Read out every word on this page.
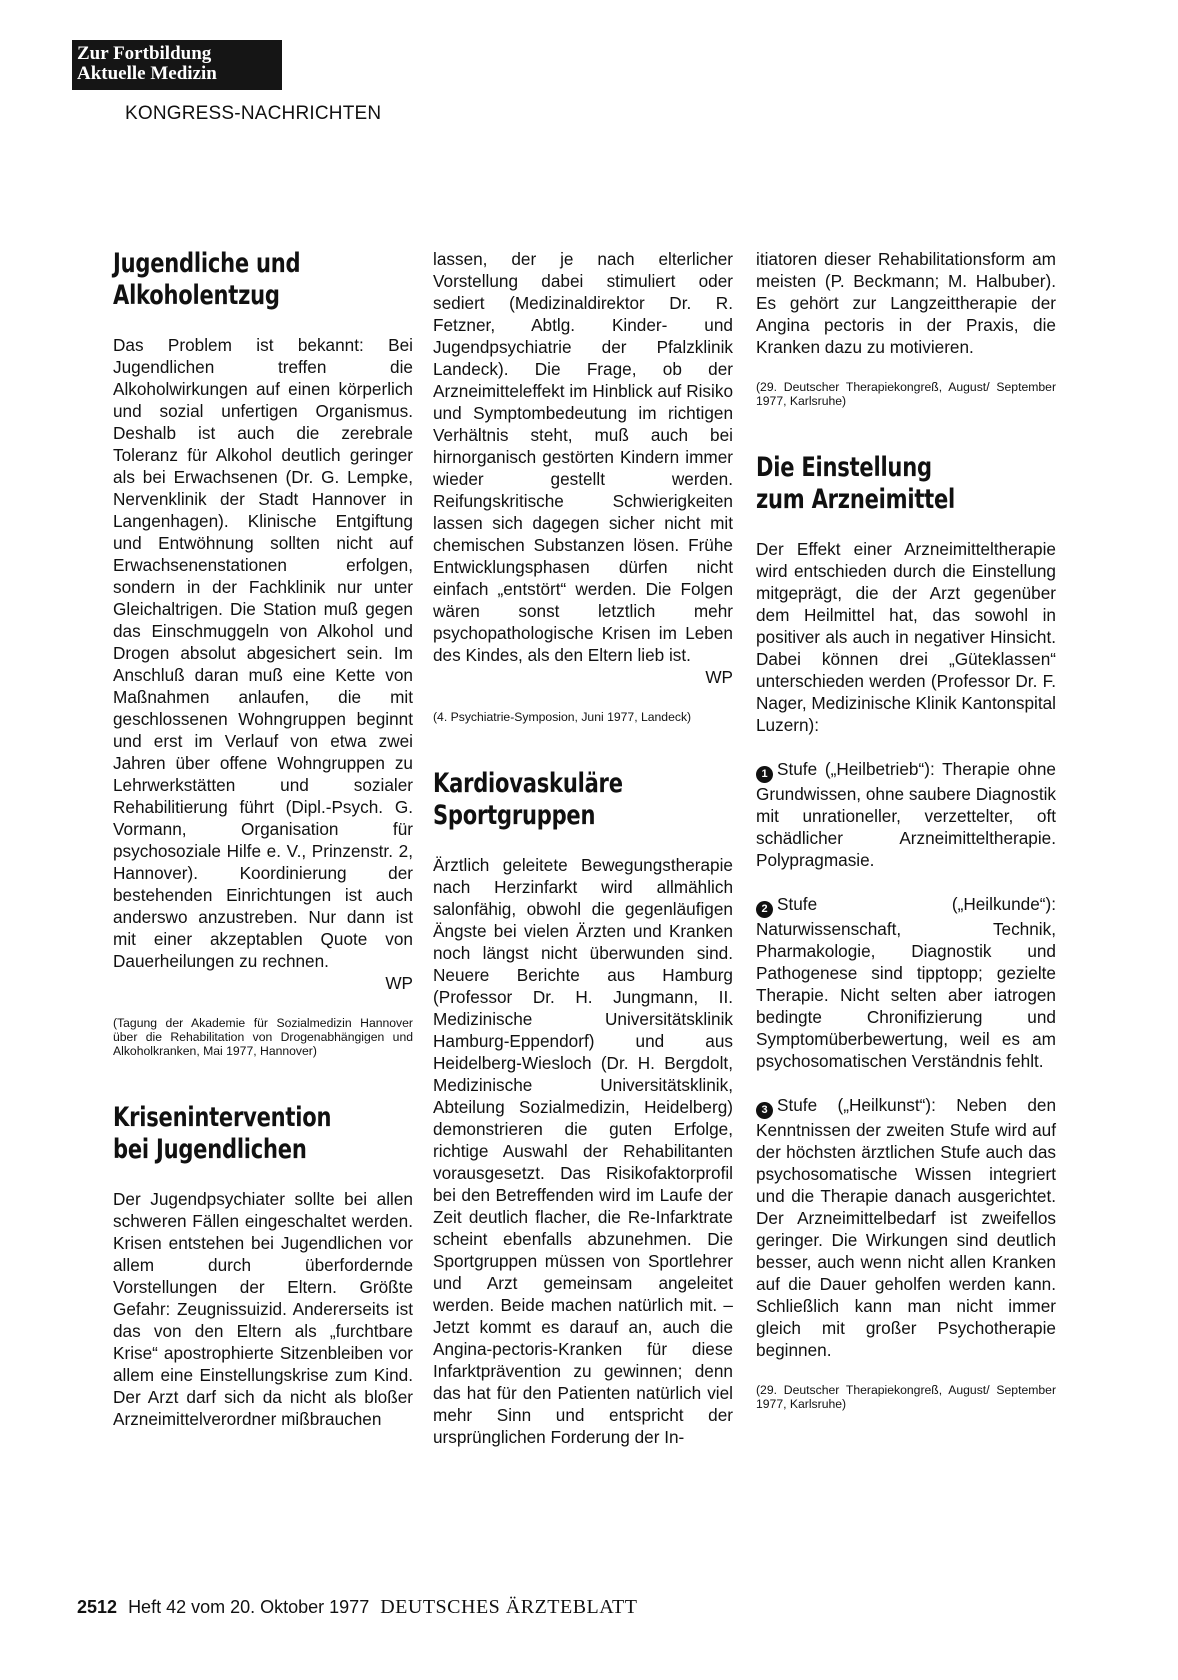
Zur Fortbildung
Aktuelle Medizin
KONGRESS-NACHRICHTEN
Jugendliche und
Alkoholentzug
Das Problem ist bekannt: Bei Jugendlichen treffen die Alkoholwirkungen auf einen körperlich und sozial unfertigen Organismus. Deshalb ist auch die zerebrale Toleranz für Alkohol deutlich geringer als bei Erwachsenen (Dr. G. Lempke, Nervenklinik der Stadt Hannover in Langenhagen). Klinische Entgiftung und Entwöhnung sollten nicht auf Erwachsenenstationen erfolgen, sondern in der Fachklinik nur unter Gleichaltrigen. Die Station muß gegen das Einschmuggeln von Alkohol und Drogen absolut abgesichert sein. Im Anschluß daran muß eine Kette von Maßnahmen anlaufen, die mit geschlossenen Wohngruppen beginnt und erst im Verlauf von etwa zwei Jahren über offene Wohngruppen zu Lehrwerkstätten und sozialer Rehabilitierung führt (Dipl.-Psych. G. Vormann, Organisation für psychosoziale Hilfe e. V., Prinzenstr. 2, Hannover). Koordinierung der bestehenden Einrichtungen ist auch anderswo anzustreben. Nur dann ist mit einer akzeptablen Quote von Dauerheilungen zu rechnen.
WP
(Tagung der Akademie für Sozialmedizin Hannover über die Rehabilitation von Drogenabhängigen und Alkoholkranken, Mai 1977, Hannover)
Krisenintervention
bei Jugendlichen
Der Jugendpsychiater sollte bei allen schweren Fällen eingeschaltet werden. Krisen entstehen bei Jugendlichen vor allem durch überfordernde Vorstellungen der Eltern. Größte Gefahr: Zeugnissuizid. Andererseits ist das von den Eltern als „furchtbare Krise“ apostrophierte Sitzenbleiben vor allem eine Einstellungskrise zum Kind. Der Arzt darf sich da nicht als bloßer Arzneimittelverordner mißbrauchen
lassen, der je nach elterlicher Vorstellung dabei stimuliert oder sediert (Medizinaldirektor Dr. R. Fetzner, Abtlg. Kinder- und Jugendpsychiatrie der Pfalzklinik Landeck). Die Frage, ob der Arzneimitteleffekt im Hinblick auf Risiko und Symptombedeutung im richtigen Verhältnis steht, muß auch bei hirnorganisch gestörten Kindern immer wieder gestellt werden. Reifungskritische Schwierigkeiten lassen sich dagegen sicher nicht mit chemischen Substanzen lösen. Frühe Entwicklungsphasen dürfen nicht einfach „entstört“ werden. Die Folgen wären sonst letztlich mehr psychopathologische Krisen im Leben des Kindes, als den Eltern lieb ist.
WP
(4. Psychiatrie-Symposion, Juni 1977, Landeck)
Kardiovaskuläre
Sportgruppen
Ärztlich geleitete Bewegungstherapie nach Herzinfarkt wird allmählich salonfähig, obwohl die gegenläufigen Ängste bei vielen Ärzten und Kranken noch längst nicht überwunden sind. Neuere Berichte aus Hamburg (Professor Dr. H. Jungmann, II. Medizinische Universitätsklinik Hamburg-Eppendorf) und aus Heidelberg-Wiesloch (Dr. H. Bergdolt, Medizinische Universitätsklinik, Abteilung Sozialmedizin, Heidelberg) demonstrieren die guten Erfolge, richtige Auswahl der Rehabilitanten vorausgesetzt. Das Risikofaktorprofil bei den Betreffenden wird im Laufe der Zeit deutlich flacher, die Re-Infarktrate scheint ebenfalls abzunehmen. Die Sportgruppen müssen von Sportlehrer und Arzt gemeinsam angeleitet werden. Beide machen natürlich mit. – Jetzt kommt es darauf an, auch die Angina-pectoris-Kranken für diese Infarktprävention zu gewinnen; denn das hat für den Patienten natürlich viel mehr Sinn und entspricht der ursprünglichen Forderung der In-
itiatoren dieser Rehabilitationsform am meisten (P. Beckmann; M. Halbuber). Es gehört zur Langzeittherapie der Angina pectoris in der Praxis, die Kranken dazu zu motivieren.
(29. Deutscher Therapiekongreß, August/ September 1977, Karlsruhe)
Die Einstellung
zum Arzneimittel
Der Effekt einer Arzneimitteltherapie wird entschieden durch die Einstellung mitgeprägt, die der Arzt gegenüber dem Heilmittel hat, das sowohl in positiver als auch in negativer Hinsicht. Dabei können drei „Güteklassen“ unterschieden werden (Professor Dr. F. Nager, Medizinische Klinik Kantonspital Luzern):
1 Stufe („Heilbetrieb“): Therapie ohne Grundwissen, ohne saubere Diagnostik mit unrationeller, verzettelter, oft schädlicher Arzneimitteltherapie. Polypragmasie.
2 Stufe („Heilkunde“): Naturwissenschaft, Technik, Pharmakologie, Diagnostik und Pathogenese sind tipptopp; gezielte Therapie. Nicht selten aber iatrogen bedingte Chronifizierung und Symptomüberbewertung, weil es am psychosomatischen Verständnis fehlt.
3 Stufe („Heilkunst“): Neben den Kenntnissen der zweiten Stufe wird auf der höchsten ärztlichen Stufe auch das psychosomatische Wissen integriert und die Therapie danach ausgerichtet. Der Arzneimittelbedarf ist zweifellos geringer. Die Wirkungen sind deutlich besser, auch wenn nicht allen Kranken auf die Dauer geholfen werden kann. Schließlich kann man nicht immer gleich mit großer Psychotherapie beginnen.
(29. Deutscher Therapiekongreß, August/ September 1977, Karlsruhe)
2512 Heft 42 vom 20. Oktober 1977 DEUTSCHES ÄRZTEBLATT
